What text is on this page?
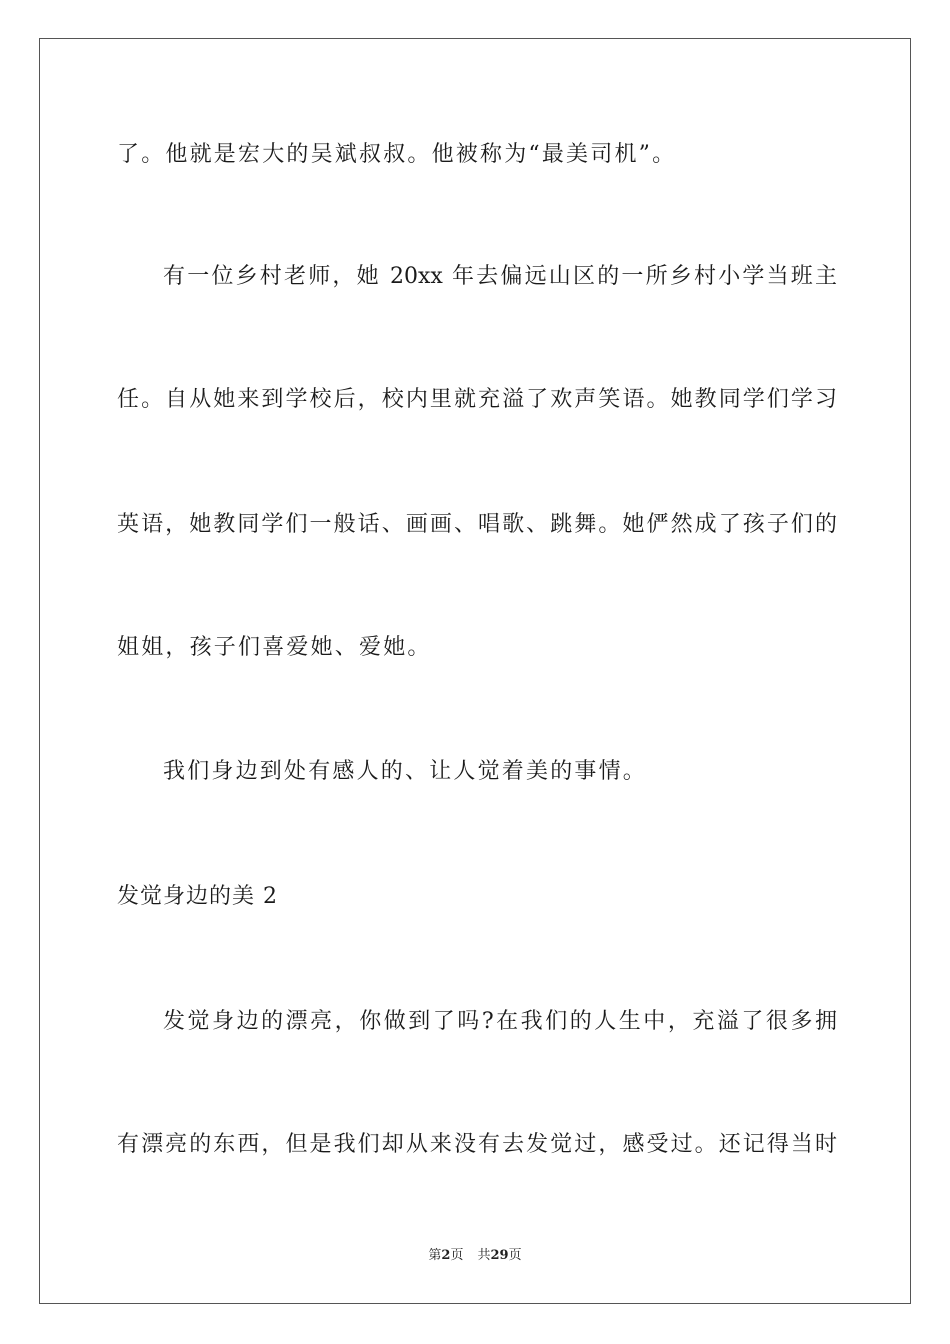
了。他就是宏大的吴斌叔叔。他被称为“最美司机”。
有一位乡村老师，她 20xx 年去偏远山区的一所乡村小学当班主
任。自从她来到学校后，校内里就充溢了欢声笑语。她教同学们学习
英语，她教同学们一般话、画画、唱歌、跳舞。她俨然成了孩子们的
姐姐，孩子们喜爱她、爱她。
我们身边到处有感人的、让人觉着美的事情。
发觉身边的美 2
发觉身边的漂亮，你做到了吗?在我们的人生中，充溢了很多拥
有漂亮的东西，但是我们却从来没有去发觉过，感受过。还记得当时
第2页 共29页
